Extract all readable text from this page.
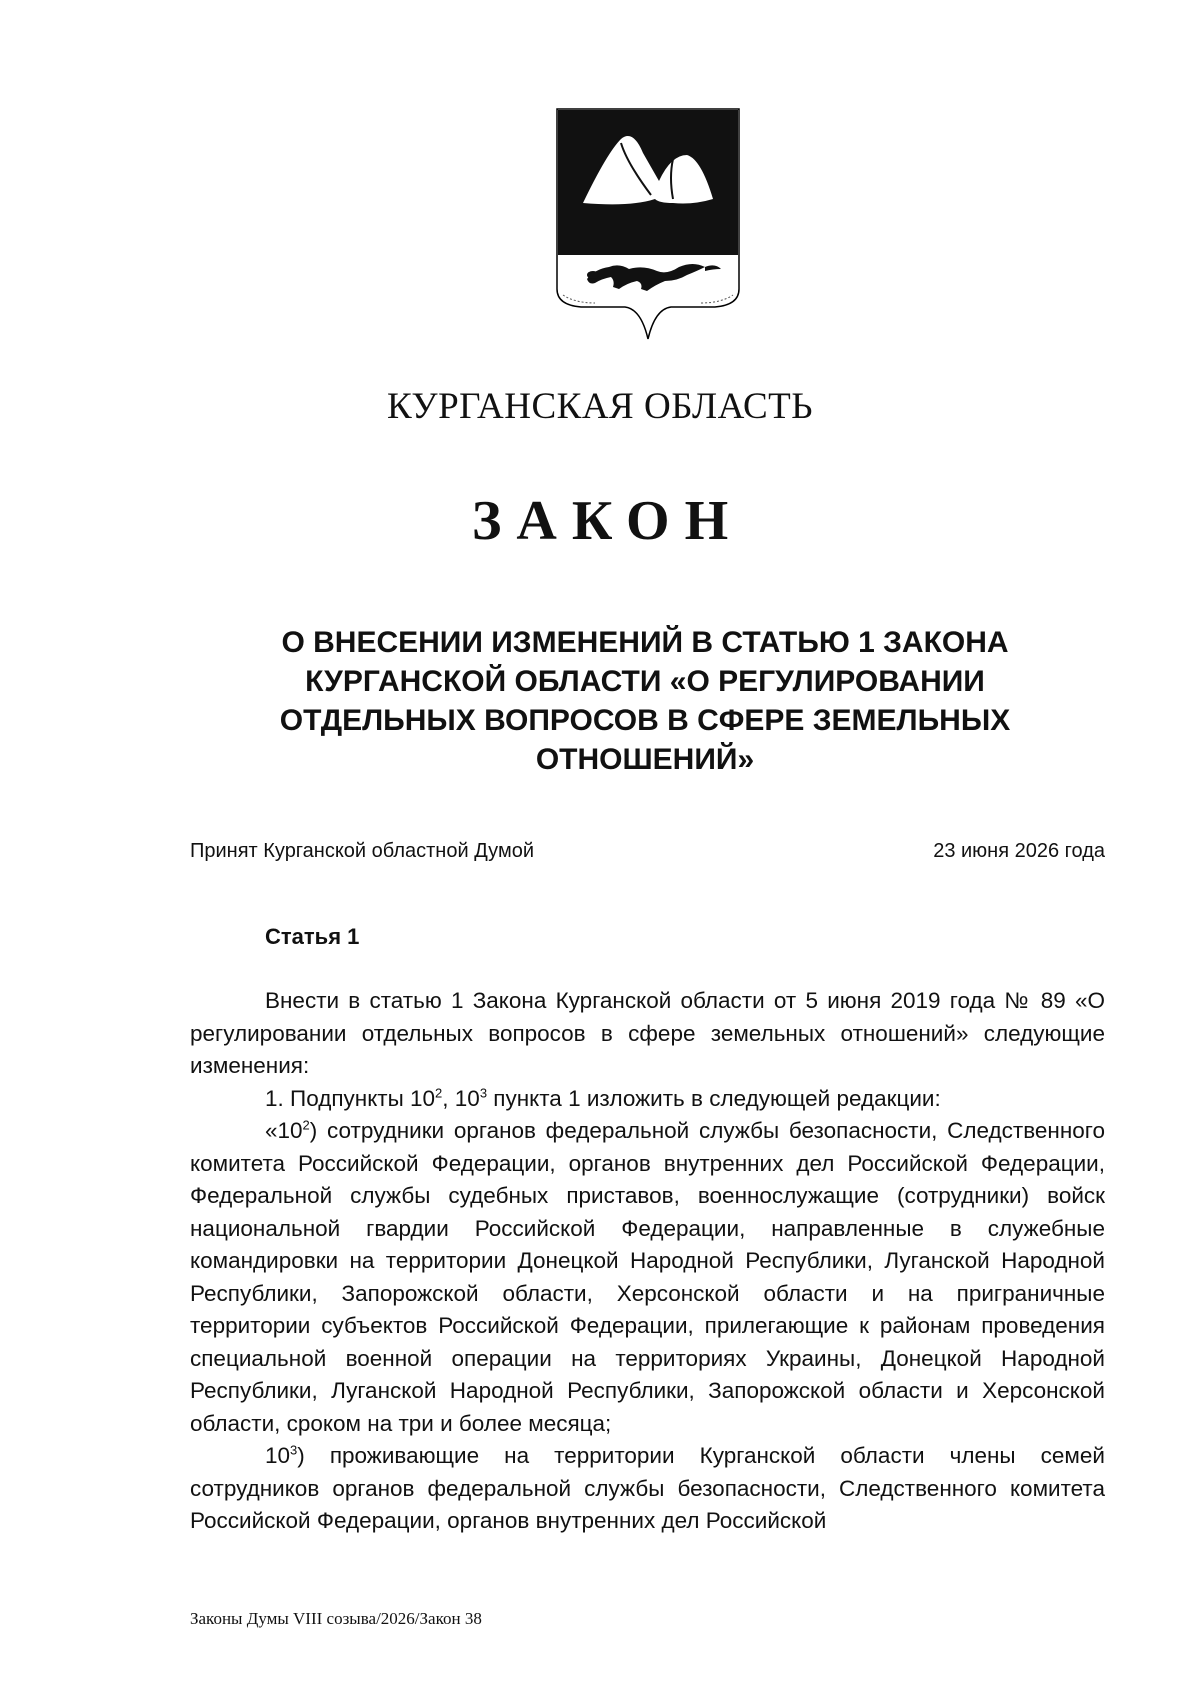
КУРГАНСКАЯ ОБЛАСТЬ
ЗАКОН
О ВНЕСЕНИИ ИЗМЕНЕНИЙ В СТАТЬЮ 1 ЗАКОНА КУРГАНСКОЙ ОБЛАСТИ «О РЕГУЛИРОВАНИИ ОТДЕЛЬНЫХ ВОПРОСОВ В СФЕРЕ ЗЕМЕЛЬНЫХ ОТНОШЕНИЙ»
Принят Курганской областной Думой	23 июня 2026 года
Статья 1

Внести в статью 1 Закона Курганской области от 5 июня 2019 года № 89 «О регулировании отдельных вопросов в сфере земельных отношений» следующие изменения:

1. Подпункты $10^2$, $10^3$ пункта 1 изложить в следующей редакции:

«$10^2$) сотрудники органов федеральной службы безопасности, Следственного комитета Российской Федерации, органов внутренних дел Российской Федерации, Федеральной службы судебных приставов, военнослужащие (сотрудники) войск национальной гвардии Российской Федерации, направленные в служебные командировки на территории Донецкой Народной Республики, Луганской Народной Республики, Запорожской области, Херсонской области и на приграничные территории субъектов Российской Федерации, прилегающие к районам проведения специальной военной операции на территориях Украины, Донецкой Народной Республики, Луганской Народной Республики, Запорожской области и Херсонской области, сроком на три и более месяца;

$10^3$) проживающие на территории Курганской области члены семей сотрудников органов федеральной службы безопасности, Следственного комитета Российской Федерации, органов внутренних дел Российской

Законы Думы VIII созыва/2026/Закон 38
